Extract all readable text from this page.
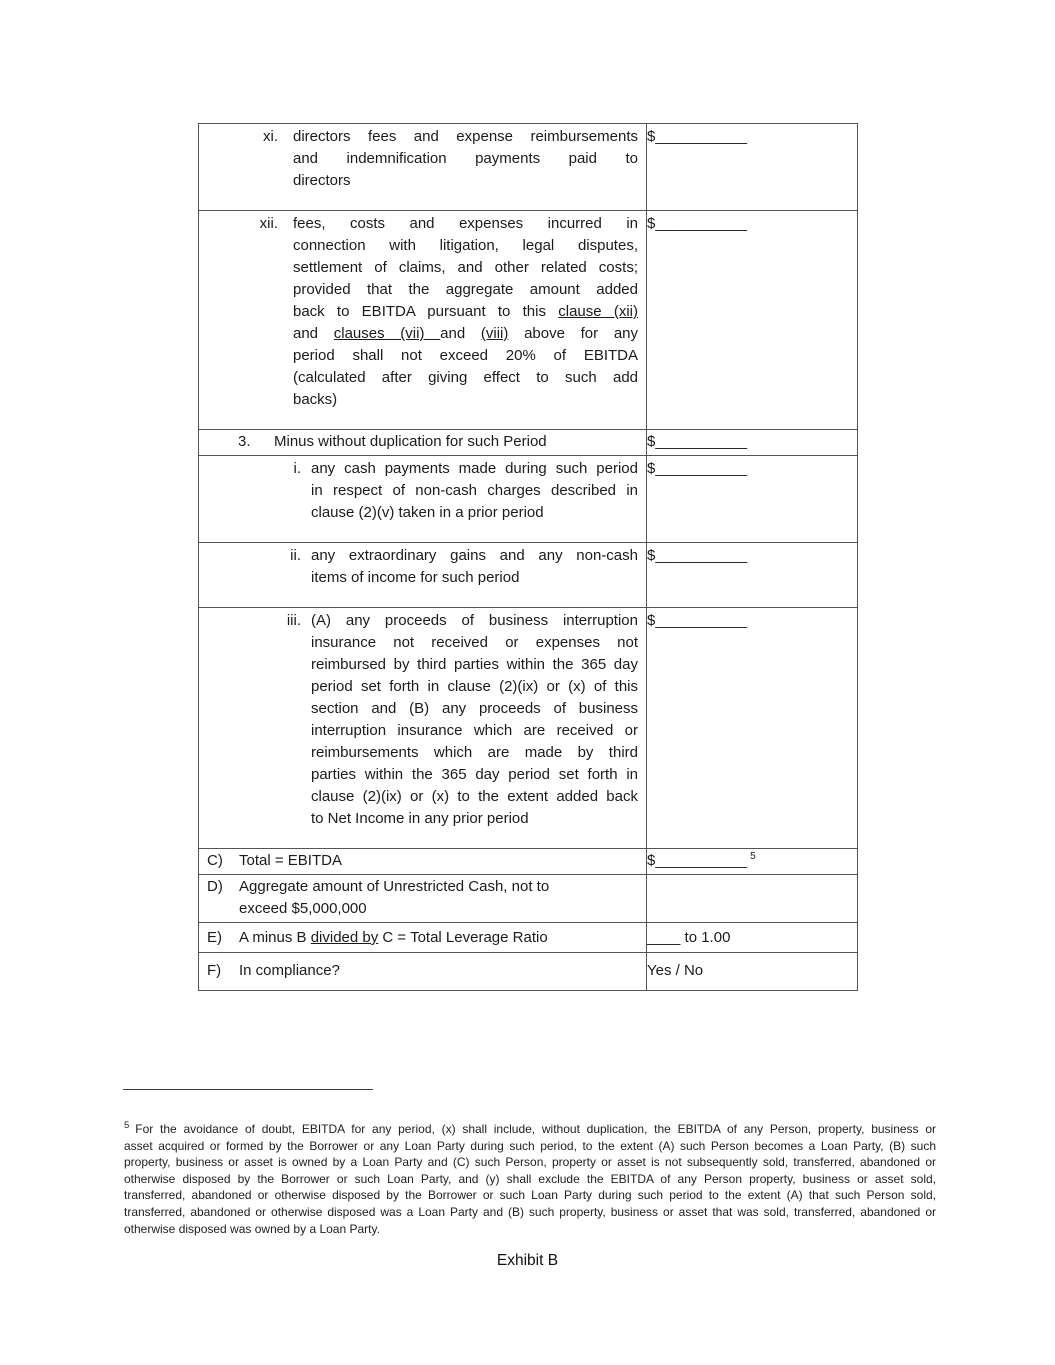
xi. directors fees and expense reimbursements
and indemnification payments paid to
directors	$___________

xii. fees, costs and expenses incurred in
connection with litigation, legal disputes,
settlement of claims, and other related costs;
provided that the aggregate amount added
back to EBITDA pursuant to this clause (xii)
and clauses (vii) and (viii) above for any
period shall not exceed 20% of EBITDA
(calculated after giving effect to such add
backs)
	$___________

3. Minus without duplication for such Period	$___________

i. any cash payments made during such period
in respect of non-cash charges described in
clause (2)(v) taken in a prior period	$___________

ii. any extraordinary gains and any non-cash
items of income for such period	$___________

iii. (A) any proceeds of business interruption
insurance not received or expenses not
reimbursed by third parties within the 365 day
period set forth in clause (2)(ix) or (x) of this
section and (B) any proceeds of business
interruption insurance which are received or
reimbursements which are made by third
parties within the 365 day period set forth in
clause (2)(ix) or (x) to the extent added back
to Net Income in any prior period
	$___________

C) Total = EBITDA	$___________ $^5$

D) Aggregate amount of Unrestricted Cash, not to
exceed $5,000,000	

E) A minus B divided by C = Total Leverage Ratio	____ to 1.00

F) In compliance?	Yes / No
$^5$ For the avoidance of doubt, EBITDA for any period, (x) shall include, without duplication, the EBITDA of any Person, property, business or
asset acquired or formed by the Borrower or any Loan Party during such period, to the extent (A) such Person becomes a Loan Party, (B) such
property, business or asset is owned by a Loan Party and (C) such Person, property or asset is not subsequently sold, transferred, abandoned or
otherwise disposed by the Borrower or such Loan Party, and (y) shall exclude the EBITDA of any Person property, business or asset sold,
transferred, abandoned or otherwise disposed by the Borrower or such Loan Party during such period to the extent (A) that such Person sold,
transferred, abandoned or otherwise disposed was a Loan Party and (B) such property, business or asset that was sold, transferred, abandoned or
otherwise disposed was owned by a Loan Party.
Exhibit B
